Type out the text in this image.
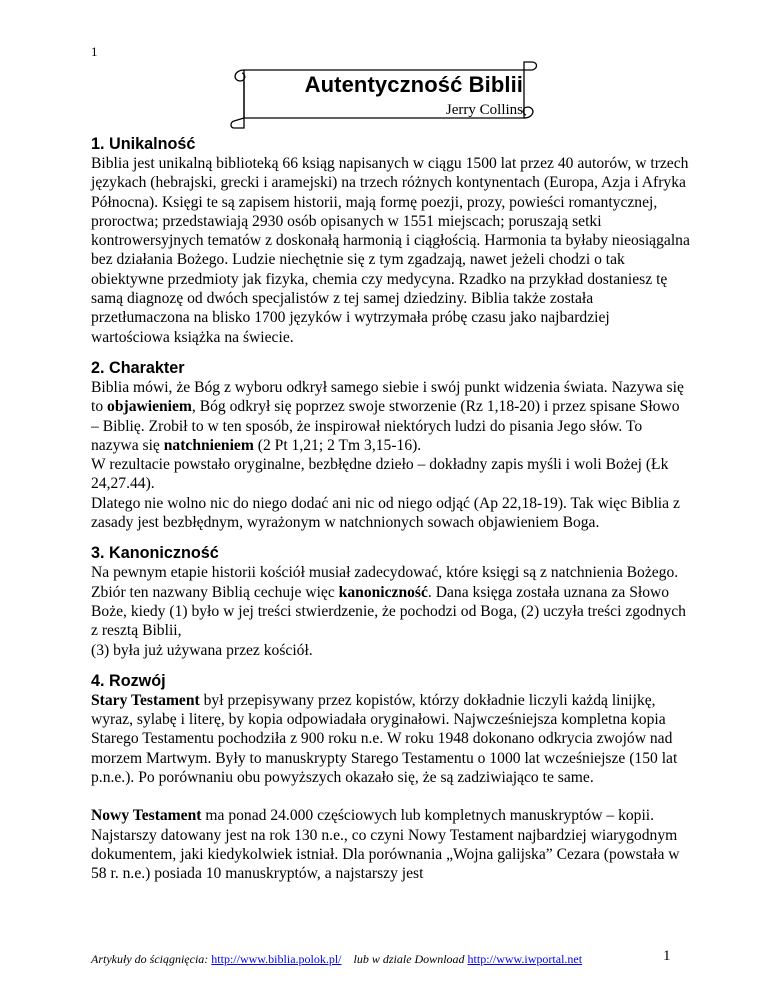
1
Autentyczność Biblii
Jerry Collins
1. Unikalność

Biblia jest unikalną biblioteką 66 ksiąg napisanych w ciągu 1500 lat przez 40 autorów, w trzech językach (hebrajski, grecki i aramejski) na trzech różnych kontynentach (Europa, Azja i Afryka Północna). Księgi te są zapisem historii, mają formę poezji, prozy, powieści romantycznej, proroctwa; przedstawiają 2930 osób opisanych w 1551 miejscach; poruszają setki kontrowersyjnych tematów z doskonałą harmonią i ciągłością. Harmonia ta byłaby nieosiągalna bez działania Bożego. Ludzie niechętnie się z tym zgadzają, nawet jeżeli chodzi o tak obiektywne przedmioty jak fizyka, chemia czy medycyna. Rzadko na przykład dostaniesz tę samą diagnozę od dwóch specjalistów z tej samej dziedziny. Biblia także została przetłumaczona na blisko 1700 języków i wytrzymała próbę czasu jako najbardziej wartościowa książka na świecie.

2. Charakter

Biblia mówi, że Bóg z wyboru odkrył samego siebie i swój punkt widzenia świata. Nazywa się to objawieniem, Bóg odkrył się poprzez swoje stworzenie (Rz 1,18-20) i przez spisane Słowo – Biblię. Zrobił to w ten sposób, że inspirował niektórych ludzi do pisania Jego słów. To nazywa się natchnieniem (2 Pt 1,21; 2 Tm 3,15-16).

W rezultacie powstało oryginalne, bezbłędne dzieło – dokładny zapis myśli i woli Bożej (Łk 24,27.44).

Dlatego nie wolno nic do niego dodać ani nic od niego odjąć (Ap 22,18-19). Tak więc Biblia z zasady jest bezbłędnym, wyrażonym w natchnionych sowach objawieniem Boga.

3. Kanoniczność

Na pewnym etapie historii kościół musiał zadecydować, które księgi są z natchnienia Bożego. Zbiór ten nazwany Biblią cechuje więc kanoniczność. Dana księga została uznana za Słowo Boże, kiedy (1) było w jej treści stwierdzenie, że pochodzi od Boga, (2) uczyła treści zgodnych z resztą Biblii,

(3) była już używana przez kościół.

4. Rozwój

Stary Testament był przepisywany przez kopistów, którzy dokładnie liczyli każdą linijkę, wyraz, sylabę i literę, by kopia odpowiadała oryginałowi. Najwcześniejsza kompletna kopia Starego Testamentu pochodziła z 900 roku n.e. W roku 1948 dokonano odkrycia zwojów nad morzem Martwym. Były to manuskrypty Starego Testamentu o 1000 lat wcześniejsze (150 lat p.n.e.). Po porównaniu obu powyższych okazało się, że są zadziwiająco te same.

Nowy Testament ma ponad 24.000 częściowych lub kompletnych manuskryptów – kopii. Najstarszy datowany jest na rok 130 n.e., co czyni Nowy Testament najbardziej wiarygodnym dokumentem, jaki kiedykolwiek istniał. Dla porównania „Wojna galijska” Cezara (powstała w 58 r. n.e.) posiada 10 manuskryptów, a najstarszy jest

Artykuły do ściągnięcia: http://www.biblia.polok.pl/ lub w dziale Download http://www.iwportal.net	1
